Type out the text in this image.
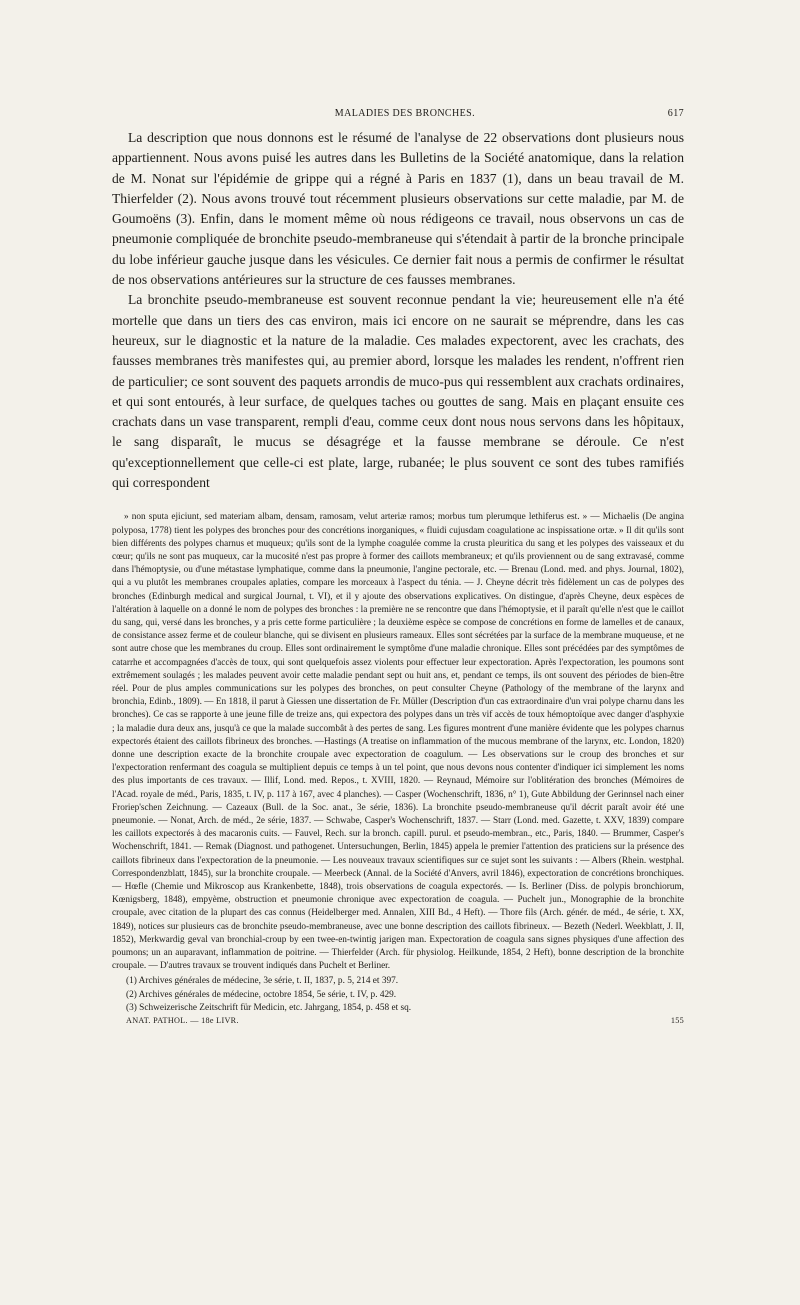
MALADIES DES BRONCHES.	617

La description que nous donnons est le résumé de l'analyse de 22 observations dont plusieurs nous appartiennent. Nous avons puisé les autres dans les Bulletins de la Société anatomique, dans la relation de M. Nonat sur l'épidémie de grippe qui a régné à Paris en 1837 (1), dans un beau travail de M. Thierfelder (2). Nous avons trouvé tout récemment plusieurs observations sur cette maladie, par M. de Goumoëns (3). Enfin, dans le moment même où nous rédigeons ce travail, nous observons un cas de pneumonie compliquée de bronchite pseudo-membraneuse qui s'étendait à partir de la bronche principale du lobe inférieur gauche jusque dans les vésicules. Ce dernier fait nous a permis de confirmer le résultat de nos observations antérieures sur la structure de ces fausses membranes.

La bronchite pseudo-membraneuse est souvent reconnue pendant la vie; heureusement elle n'a été mortelle que dans un tiers des cas environ, mais ici encore on ne saurait se méprendre, dans les cas heureux, sur le diagnostic et la nature de la maladie. Ces malades expectorent, avec les crachats, des fausses membranes très manifestes qui, au premier abord, lorsque les malades les rendent, n'offrent rien de particulier; ce sont souvent des paquets arrondis de muco-pus qui ressemblent aux crachats ordinaires, et qui sont entourés, à leur surface, de quelques taches ou gouttes de sang. Mais en plaçant ensuite ces crachats dans un vase transparent, rempli d'eau, comme ceux dont nous nous servons dans les hôpitaux, le sang disparaît, le mucus se désagrége et la fausse membrane se déroule. Ce n'est qu'exceptionnellement que celle-ci est plate, large, rubanée; le plus souvent ce sont des tubes ramifiés qui correspondent

» non sputa ejiciunt, sed materiam albam, densam, ramosam, velut arteriæ ramos; morbus tum plerumque lethiferus est. » — Michaelis (De angina polyposa, 1778) tient les polypes des bronches pour des concrétions inorganiques, « fluidi cujusdam coagulatione ac inspissatione ortæ. » Il dit qu'ils sont bien différents des polypes charnus et muqueux; qu'ils sont de la lymphe coagulée comme la crusta pleuritica du sang et les polypes des vaisseaux et du cœur; qu'ils ne sont pas muqueux, car la mucosité n'est pas propre à former des caillots membraneux; et qu'ils proviennent ou de sang extravasé, comme dans l'hémoptysie, ou d'une métastase lymphatique, comme dans la pneumonie, l'angine pectorale, etc. — Brenau (Lond. med. and phys. Journal, 1802), qui a vu plutôt les membranes croupales aplaties, compare les morceaux à l'aspect du ténia. — J. Cheyne décrit très fidèlement un cas de polypes des bronches (Edinburgh medical and surgical Journal, t. VI), et il y ajoute des observations explicatives. On distingue, d'après Cheyne, deux espèces de l'altération à laquelle on a donné le nom de polypes des bronches : la première ne se rencontre que dans l'hémoptysie, et il paraît qu'elle n'est que le caillot du sang, qui, versé dans les bronches, y a pris cette forme particulière ; la deuxième espèce se compose de concrétions en forme de lamelles et de canaux, de consistance assez ferme et de couleur blanche, qui se divisent en plusieurs rameaux. Elles sont sécrétées par la surface de la membrane muqueuse, et ne sont autre chose que les membranes du croup. Elles sont ordinairement le symptôme d'une maladie chronique. Elles sont précédées par des symptômes de catarrhe et accompagnées d'accès de toux, qui sont quelquefois assez violents pour effectuer leur expectoration. Après l'expectoration, les poumons sont extrêmement soulagés ; les malades peuvent avoir cette maladie pendant sept ou huit ans, et, pendant ce temps, ils ont souvent des périodes de bien-être réel. Pour de plus amples communications sur les polypes des bronches, on peut consulter Cheyne (Pathology of the membrane of the larynx and bronchia, Edinb., 1809). — En 1818, il parut à Giessen une dissertation de Fr. Müller (Description d'un cas extraordinaire d'un vrai polype charnu dans les bronches). Ce cas se rapporte à une jeune fille de treize ans, qui expectora des polypes dans un très vif accès de toux hémoptoïque avec danger d'asphyxie ; la maladie dura deux ans, jusqu'à ce que la malade succombât à des pertes de sang. Les figures montrent d'une manière évidente que les polypes charnus expectorés étaient des caillots fibrineux des bronches. —Hastings (A treatise on inflammation of the mucous membrane of the larynx, etc. London, 1820) donne une description exacte de la bronchite croupale avec expectoration de coagulum. — Les observations sur le croup des bronches et sur l'expectoration renfermant des coagula se multiplient depuis ce temps à un tel point, que nous devons nous contenter d'indiquer ici simplement les noms des plus importants de ces travaux. — Illif, Lond. med. Repos., t. XVIII, 1820. — Reynaud, Mémoire sur l'oblitération des bronches (Mémoires de l'Acad. royale de méd., Paris, 1835, t. IV, p. 117 à 167, avec 4 planches). — Casper (Wochenschrift, 1836, n° 1), Gute Abbildung der Gerinnsel nach einer Froriep'schen Zeichnung. — Cazeaux (Bull. de la Soc. anat., 3e série, 1836). La bronchite pseudo-membraneuse qu'il décrit paraît avoir été une pneumonie. — Nonat, Arch. de méd., 2e série, 1837. — Schwabe, Casper's Wochenschrift, 1837. — Starr (Lond. med. Gazette, t. XXV, 1839) compare les caillots expectorés à des macaronis cuits. — Fauvel, Rech. sur la bronch. capill. purul. et pseudo-membran., etc., Paris, 1840. — Brummer, Casper's Wochenschrift, 1841. — Remak (Diagnost. und pathogenet. Untersuchungen, Berlin, 1845) appela le premier l'attention des praticiens sur la présence des caillots fibrineux dans l'expectoration de la pneumonie. — Les nouveaux travaux scientifiques sur ce sujet sont les suivants : — Albers (Rhein. westphal. Correspondenzblatt, 1845), sur la bronchite croupale. — Meerbeck (Annal. de la Société d'Anvers, avril 1846), expectoration de concrétions bronchiques. — Hœfle (Chemie und Mikroscop aus Krankenbette, 1848), trois observations de coagula expectorés. — Is. Berliner (Diss. de polypis bronchiorum, Kœnigsberg, 1848), empyème, obstruction et pneumonie chronique avec expectoration de coagula. — Puchelt jun., Monographie de la bronchite croupale, avec citation de la plupart des cas connus (Heidelberger med. Annalen, XIII Bd., 4 Heft). — Thore fils (Arch. génér. de méd., 4e série, t. XX, 1849), notices sur plusieurs cas de bronchite pseudo-membraneuse, avec une bonne description des caillots fibrineux. — Bezeth (Nederl. Weekblatt, J. II, 1852), Merkwardig geval van bronchial-croup by een twee-en-twintig jarigen man. Expectoration de coagula sans signes physiques d'une affection des poumons; un an auparavant, inflammation de poitrine. — Thierfelder (Arch. für physiolog. Heilkunde, 1854, 2 Heft), bonne description de la bronchite croupale. — D'autres travaux se trouvent indiqués dans Puchelt et Berliner.

(1) Archives générales de médecine, 3e série, t. II, 1837, p. 5, 214 et 397.
(2) Archives générales de médecine, octobre 1854, 5e série, t. IV, p. 429.
(3) Schweizerische Zeitschrift für Medicin, etc. Jahrgang, 1854, p. 458 et sq.
ANAT. PATHOL. — 18e LIVR.	155
